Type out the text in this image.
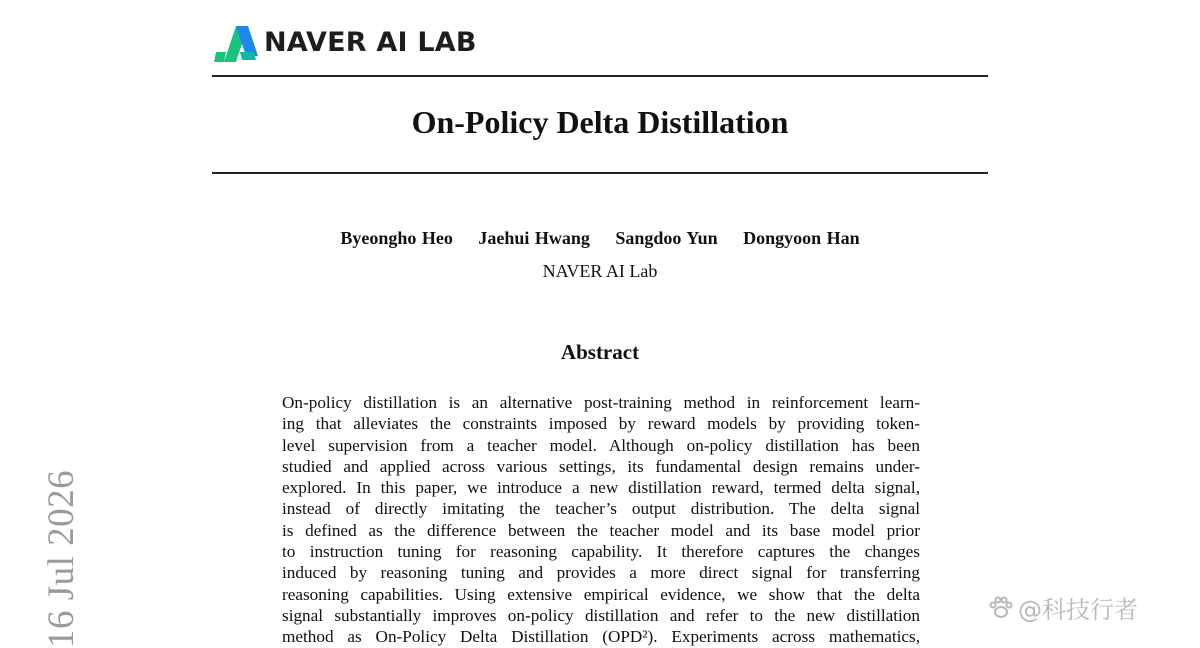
NAVER AI LAB
On-Policy Delta Distillation
Byeongho Heo Jaehui Hwang Sangdoo Yun Dongyoon Han
NAVER AI Lab
Abstract
On-policy distillation is an alternative post-training method in reinforcement learn-
ing that alleviates the constraints imposed by reward models by providing token-
level supervision from a teacher model. Although on-policy distillation has been
studied and applied across various settings, its fundamental design remains under-
explored. In this paper, we introduce a new distillation reward, termed delta signal,
instead of directly imitating the teacher’s output distribution. The delta signal
is defined as the difference between the teacher model and its base model prior
to instruction tuning for reasoning capability. It therefore captures the changes
induced by reasoning tuning and provides a more direct signal for transferring
reasoning capabilities. Using extensive empirical evidence, we show that the delta
signal substantially improves on-policy distillation and refer to the new distillation
method as On-Policy Delta Distillation (OPD²). Experiments across mathematics,
16 Jul 2026	@科技行者
